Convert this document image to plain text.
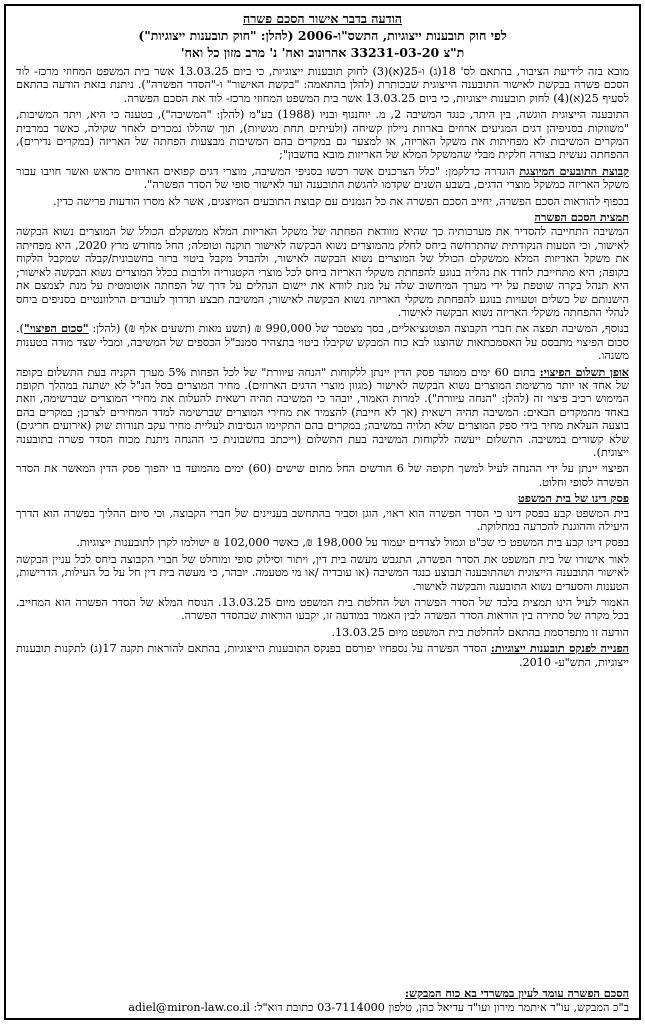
הודעה בדבר אישור הסכם פשרה
לפי חוק תובענות ייצוגיות, התשס"ו-2006 (להלן: "חוק תובענות ייצוגיות")
ת"צ 33231-03-20 אהרונוב ואח' נ' מרב מזון כל ואח'

מובא בזה לידיעת הציבור, בהתאם לס' 18(ג) ו-25(א)(3) לחוק תובענות ייצוגיות, כי ביום 13.03.25 אשר בית המשפט המחוזי מרכז- לוד הסכם פשרה בבקשת לאישור התובענה הייצוגית שבכותרת (להלן בהתאמה: "בקשת האישור" ו-"הסדר הפשרה"). ניתנת בזאת הודעה בהתאם לסעיף 25(א)(4) לחוק תובענות ייצוגיות, כי ביום 13.03.25 אשר בית המשפט המחוזי מרכז- לוד את הסכם הפשרה.

התובענה הייצוגית הוגשה, בין היתר, כנגד המשיבה 2, מ. יוחננוף ובניו (1988) בע"מ (להלן: "המשיבה"), בטענה כי היא, ויתר המשיבות, "משווקות בסניפיהן דגים המגיעים ארוזים בארוזת ניילון קשיחה (ולעיתים תחת מגשיות), תוך שהללו נמכרים לאחר שקילה, כאשר במרבית המקרים המשיבות לא מפחיתות את משקל האריזה, או למצער גם במקרים בהם המשיבות מבצעות הפחתה של האריזה (במקרים נדירים), ההפחתה נעשית בצורה חלקית מבלי שהמשקל המלא של האריזות מובא בחשבון";

קבוצת התובעים המיוצגת הוגדרה כדלקמן: "כלל הצרכנים אשר רכשו בסניפי המשיבה, מוצרי דגים קפואים הארוזים מראש ואשר חויבו עבור משקל האריזה כמשקל מוצרי הדגים, בשבע השנים שקדמו להגשת התובענה ועד לאישור סופי של הסדר הפשרה".

בכפוף להוראות הסכם הפשרה, יחייב הסכם הפשרה את כל הנמנים עם קבוצת התובעים המיוצגים, אשר לא מסרו הודעות פרישה כדין.

תמצית הסכם הפשרה

המשיבה התחייבה להסדיר את מערכותיה כך שהיא מוודאת הפחתה של משקל האריזות המלא ממשקלם הכולל של המוצרים נשוא הבקשה לאישור, וכי הטעות הנקודתית שהתרחשה ביחס לחלק מהמוצרים נשוא הבקשה לאישור תוקנה וטופלה; החל מחודש מרץ 2020, היא מפחיתה את משקל האריזות המלא ממשקלם הכולל של המוצרים נשוא הבקשה לאישור, ולהבדל מקבל ביטוי ברור בחשבונית/קבלה שמקבל הלקוח בקופה; היא מתחייבת לחדד את נהליה בנוגע להפחתת משקלי האריזה ביחס לכל מוצרי הקטגוריה ולרבות בכלל המוצרים נשוא הבקשה לאישור; היא תנהל בקרה שוטפת על ידי מערך המיחשוב שלה על מנת לוודא את יישום הנהלים על דרך של הפחתה אוטומטית על מנת לצמצם את הישנותם של כשלים וטעויות בנוגע להפחתת משקלי האריזה נשוא הבקשה לאישור; המשיבה תבצע תדרוך לעובדים הרלוונטיים בסניפים ביחס לנהלי ההפחתה משקלי האריזה נשוא הבקשה לאישור.

בנוסף, המשיבה תפצה את חברי הקבוצה הפוטנציאליים, בסך מצטבר של 990,000 ₪ (תשע מאות ותשעים אלף ₪) (להלן: "סכום הפיצוי"). סכום הפיצוי מתבסס על האסמכתאות שהוצגו לבא כוח המבקש שקיבלו ביטוי בתצהיר סמנכ"ל הכספים של המשיבה, ומבלי שצד מודה בטענות משנהו.

אופן תשלום הפיצוי: בתום 60 ימים ממועד פסק הדין יינתן ללקוחות "הנחה עיוורת" של לכל הפחות 5% מערך הקניה בעת התשלום בקופה של אחד או יותר מרשימת המוצרים נשוא הבקשה לאישור (מגוון מוצרי הדגים הארוזים). מחיר המוצרים בסל הנ"ל לא ישתנה במהלך תקופת המימוש רכיב פיצוי זה (להלן: "הנחה עיוורת"). למרות האמור, יובהר כי המשיבה תהיה רשאית להעלות את מחירי המוצרים שברשימה, וזאת באחד מהמקרים הבאים: המשיבה תהיה רשאית (אך לא חייבת) להצמיד את מחירי המוצרים שברשימה למדד המחירים לצרכן; במקרים בהם בוצעה העלאת מחיר בידי ספק המוצרים שלא תלויה במשיבה; במקרים בהם התקיימו הנסיבות לעליית מחיר עקב תנודות שוק (אירועים חריגים) שלא קשורים במשיבה. התשלום ייעשה ללקוחות המשיבה בעת התשלום (וייכתב בחשבונית כי ההנחה ניתנת מכוח הסדר פשרה בתובענה ייצוגית).

הפיצוי יינתן על ידי ההנחה לעיל למשך תקופה של 6 חודשים החל מתום שישים (60) ימים מהמועד בו יהפוך פסק הדין המאשר את הסדר הפשרה לסופי וחלוט.

פסק דינו של בית המשפט

בית המשפט קבע בפסק דינו כי הסדר הפשרה הוא ראוי, הוגן וסביר בהתחשב בעניינים של חברי הקבוצה, וכי סיום ההליך בפשרה הוא הדרך היעילה וההוגנת להכרעה במחלוקת.

בפסק דינו קבע בית המשפט כי שכ"ט וגמול לצדדים יעמוד על 198,000 ₪, כאשר 102,000 ₪ ישולמו לקרן לתובענות ייצוגיות.

לאור אישורו של בית המשפט את הסדר הפשרה, התגבש מעשה בית דין, ויתור וסילוק סופי ומוחלט של חברי הקבוצה ביחס לכל עניין הבקשה לאישור התובענה הייצוגית ושהתובענה תבוצע כנגד המשיבה (או עובדיה /או מי מטעמה. יובהר, כי מעשה בית דין חל על כל העילות, הדרישות, הטענות והסעדים נשוא התובענה והבקשה לאישור.

האמור לעיל הינו תמצית בלבד של הסדר הפשרה ושל החלטת בית המשפט מיום 13.03.25. הנוסח המלא של הסדר הפשרה הוא המחייב. בכל מקרה של סתירה בין הוראות הסדר הפשרה לבין האמור במודעה זו, יקבעו הוראות שבהסדר הפשרה.

הודעה זו מתפרסמת בהתאם להחלטת בית המשפט מיום 13.03.25.

הפנייה לפנקס תובענות ייצוגיות: הסדר הפשרה על נספחיו יפורסם בפנקס התובענות הייצוגיות, בהתאם להוראות תקנה 17(ג) לתקנות תובענות ייצוגיות, התש"ע- 2010.

הסכם הפשרה עומד לעיון במשרדי בא כוח המבקש:
ב"כ המבקש, עו"ד איתמר מירון ועו"ד עדיאל כהן, טלפון 03-7114000 כתובת דוא"ל: adiel@miron-law.co.il
